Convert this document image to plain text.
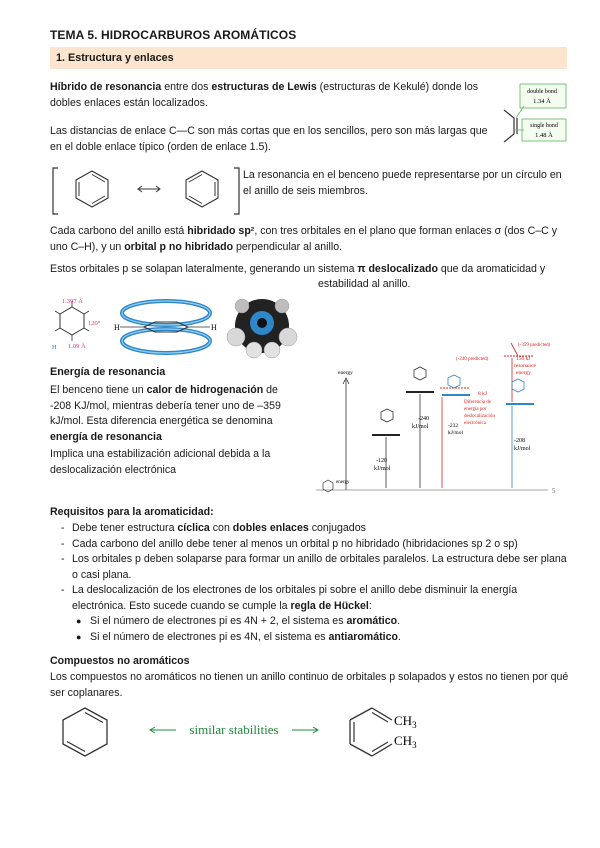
TEMA 5. HIDROCARBUROS AROMÁTICOS
1. Estructura y enlaces
Híbrido de resonancia entre dos estructuras de Lewis (estructuras de Kekulé) donde los dobles enlaces están localizados.
double bond
1.34 Å
single bond
1.48 Å
Las distancias de enlace C—C son más cortas que en los sencillos, pero son más largas que en el doble enlace típico (orden de enlace 1.5).
La resonancia en el benceno puede representarse por un círculo en el anillo de seis miembros.
Cada carbono del anillo está hibridado sp², con tres orbitales en el plano que forman enlaces σ (dos C–C y uno C–H), y un orbital p no hibridado perpendicular al anillo.
Estos orbitales p se solapan lateralmente, generando un sistema π deslocalizado que da aromaticidad y
estabilidad al anillo.
1.397 Å
120°
1.09 Å
H
H	H
Energía de resonancia
El benceno tiene un calor de hidrogenación de -208 KJ/mol, mientras debería tener uno de –359 kJ/mol. Esta diferencia energética se denomina energía de resonancia
Implica una estabilización adicional debida a la deslocalización electrónica
energy
energy
-120
kJ/mol
-240
kJ/mol
(-240 predicted)
-232
kJ/mol
8 kJ
Diferencia de
energía por
deslocalización
electrónica
(-359 predicted)
150 kJ
resonance
energy
-208
kJ/mol
5
Requisitos para la aromaticidad:
- Debe tener estructura cíclica con dobles enlaces conjugados
- Cada carbono del anillo debe tener al menos un orbital p no hibridado (hibridaciones sp 2 o sp)
- Los orbitales p deben solaparse para formar un anillo de orbitales paralelos. La estructura debe ser plana o casi plana.
- La deslocalización de los electrones de los orbitales pi sobre el anillo debe disminuir la energía electrónica. Esto sucede cuando se cumple la regla de Hückel:
● Si el número de electrones pi es 4N + 2, el sistema es aromático.
● Si el número de electrones pi es 4N, el sistema es antiaromático.
Compuestos no aromáticos
Los compuestos no aromáticos no tienen un anillo continuo de orbitales p solapados y estos no tienen por qué ser coplanares.
similar stabilities
$CH_3$
$CH_3$
